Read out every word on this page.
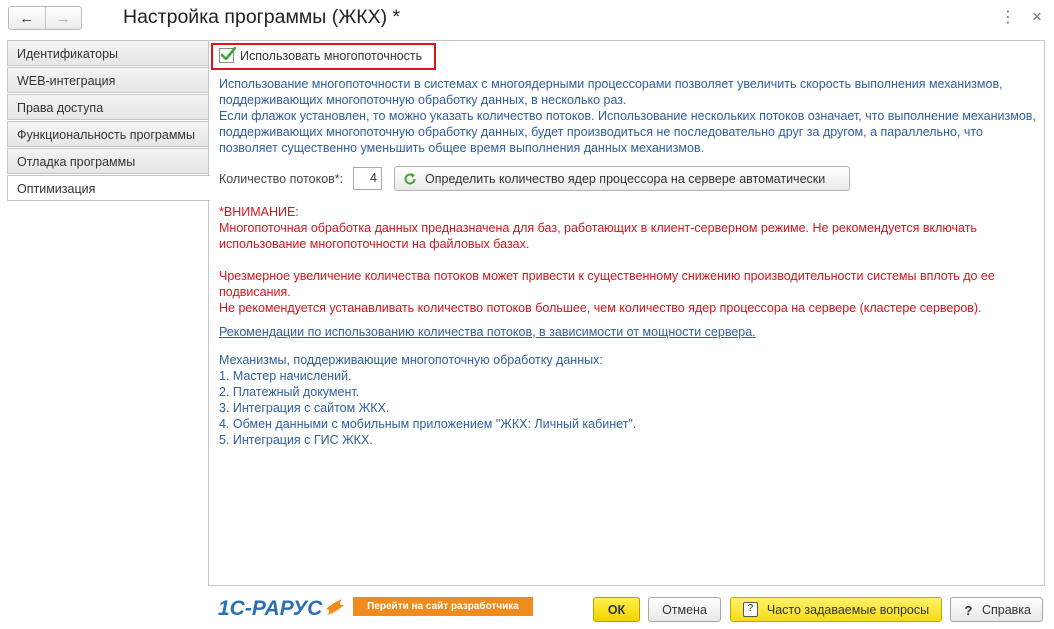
←	→	Настройка программы (ЖКХ) *	⋮ ×
Идентификаторы
WEB-интеграция
Права доступа
Функциональность программы
Отладка программы
Оптимизация
Использовать многопоточность

Использование многопоточности в системах с многоядерными процессорами позволяет увеличить скорость выполнения механизмов, поддерживающих многопоточную обработку данных, в несколько раз.

Если флажок установлен, то можно указать количество потоков. Использование нескольких потоков означает, что выполнение механизмов, поддерживающих многопоточную обработку данных, будет производиться не последовательно друг за другом, а параллельно, что позволяет существенно уменьшить общее время выполнения данных механизмов.

Количество потоков*:	4	Определить количество ядер процессора на сервере автоматически

*ВНИМАНИЕ:

Многопоточная обработка данных предназначена для баз, работающих в клиент-серверном режиме. Не рекомендуется включать использование многопоточности на файловых базах.

Чрезмерное увеличение количества потоков может привести к существенному снижению производительности системы вплоть до ее подвисания.

Не рекомендуется устанавливать количество потоков большее, чем количество ядер процессора на сервере (кластере серверов).

Рекомендации по использованию количества потоков, в зависимости от мощности сервера.

Механизмы, поддерживающие многопоточную обработку данных:

1. Мастер начислений.

2. Платежный документ.

3. Интеграция с сайтом ЖКХ.

4. Обмен данными с мобильным приложением "ЖКХ: Личный кабинет".

5. Интеграция с ГИС ЖКХ.

1С-РАРУС	Перейти на сайт разработчика	ОК	Отмена	?	Часто задаваемые вопросы	? Справка
